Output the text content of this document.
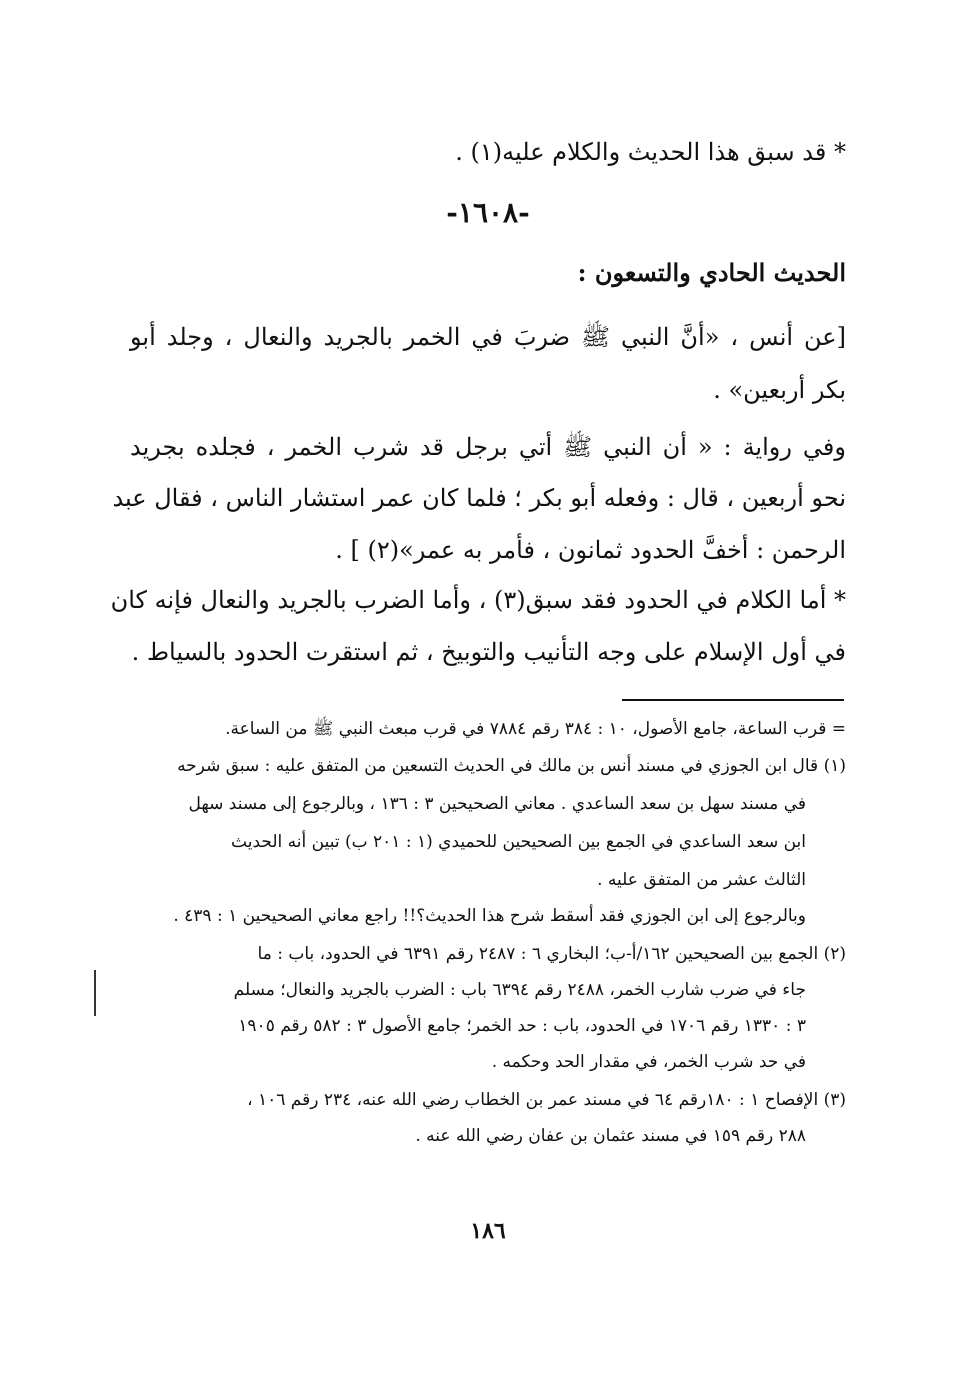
* قد سبق هذا الحديث والكلام عليه(١) .
-١٦٠٨-
الحديث الحادي والتسعون :
[عن أنس ، «أنَّ النبي ﷺ ضربَ في الخمر بالجريد والنعال ، وجلد أبو
بكر أربعين» .
وفي رواية : « أن النبي ﷺ أتي برجل قد شرب الخمر ، فجلده بجريد
نحو أربعين ، قال : وفعله أبو بكر ؛ فلما كان عمر استشار الناس ، فقال عبد
الرحمن : أخفَّ الحدود ثمانون ، فأمر به عمر»(٢) ] .
* أما الكلام في الحدود فقد سبق(٣) ، وأما الضرب بالجريد والنعال فإنه كان
في أول الإسلام على وجه التأنيب والتوبيخ ، ثم استقرت الحدود بالسياط .
= قرب الساعة، جامع الأصول، ١٠ : ٣٨٤ رقم ٧٨٨٤ في قرب مبعث النبي ﷺ من الساعة.
(١) قال ابن الجوزي في مسند أنس بن مالك في الحديث التسعين من المتفق عليه : سبق شرحه
في مسند سهل بن سعد الساعدي . معاني الصحيحين ٣ : ١٣٦ ، وبالرجوع إلى مسند سهل
ابن سعد الساعدي في الجمع بين الصحيحين للحميدي (١ : ٢٠١ ب) تبين أنه الحديث
الثالث عشر من المتفق عليه .
وبالرجوع إلى ابن الجوزي فقد أسقط شرح هذا الحديث؟!! راجع معاني الصحيحين ١ : ٤٣٩ .
(٢) الجمع بين الصحيحين ١٦٢/أ-ب؛ البخاري ٦ : ٢٤٨٧ رقم ٦٣٩١ في الحدود، باب : ما
جاء في ضرب شارب الخمر، ٢٤٨٨ رقم ٦٣٩٤ باب : الضرب بالجريد والنعال؛ مسلم
٣ : ١٣٣٠ رقم ١٧٠٦ في الحدود، باب : حد الخمر؛ جامع الأصول ٣ : ٥٨٢ رقم ١٩٠٥
في حد شرب الخمر، في مقدار الحد وحكمه .
(٣) الإفصاح ١ : ١٨٠رقم ٦٤ في مسند عمر بن الخطاب رضي الله عنه، ٢٣٤ رقم ١٠٦ ،
٢٨٨ رقم ١٥٩ في مسند عثمان بن عفان رضي الله عنه .
١٨٦
